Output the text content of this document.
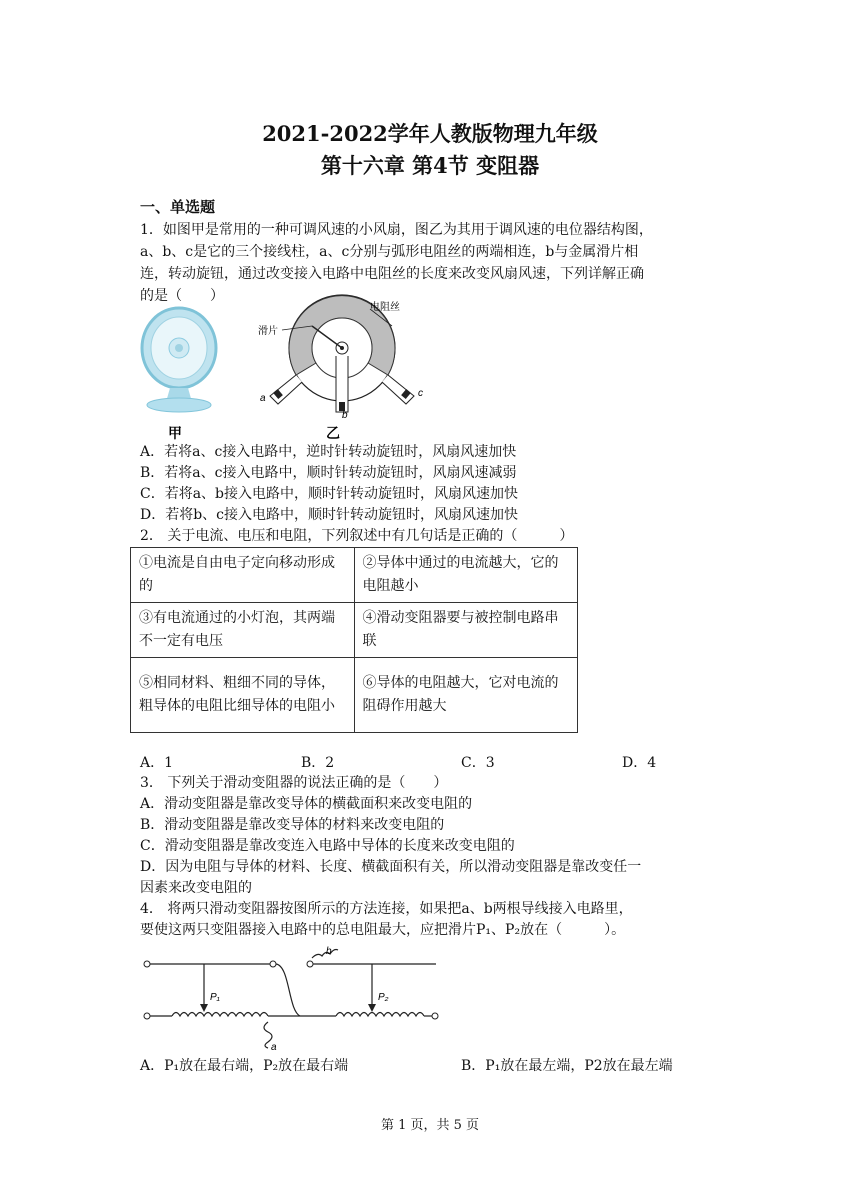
2021-2022学年人教版物理九年级
第十六章 第4节 变阻器
一、单选题
1．如图甲是常用的一种可调风速的小风扇，图乙为其用于调风速的电位器结构图，
a、b、c是它的三个接线柱，a、c分别与弧形电阻丝的两端相连，b与金属滑片相
连，转动旋钮，通过改变接入电路中电阻丝的长度来改变风扇风速，下列详解正确
的是（　　）
甲
滑片
电阻丝
a
b
c
乙
A．若将a、c接入电路中，逆时针转动旋钮时，风扇风速加快
B．若将a、c接入电路中，顺时针转动旋钮时，风扇风速减弱
C．若将a、b接入电路中，顺时针转动旋钮时，风扇风速加快
D．若将b、c接入电路中，顺时针转动旋钮时，风扇风速加快
2． 关于电流、电压和电阻，下列叙述中有几句话是正确的（　　　）
①电流是自由电子定向移动形成的	②导体中通过的电流越大，它的电阻越小
③有电流通过的小灯泡，其两端不一定有电压	④滑动变阻器要与被控制电路串联
⑤相同材料、粗细不同的导体，粗导体的电阻比细导体的电阻小	⑥导体的电阻越大，它对电流的阻碍作用越大
A．1	B．2	C．3	D．4
3． 下列关于滑动变阻器的说法正确的是（　　）
A．滑动变阻器是靠改变导体的横截面积来改变电阻的
B．滑动变阻器是靠改变导体的材料来改变电阻的
C．滑动变阻器是靠改变连入电路中导体的长度来改变电阻的
D．因为电阻与导体的材料、长度、横截面积有关，所以滑动变阻器是靠改变任一
因素来改变电阻的
4． 将两只滑动变阻器按图所示的方法连接，如果把a、b两根导线接入电路里，
要使这两只变阻器接入电路中的总电阻最大，应把滑片P₁、P₂放在（　　　）。
P₁	P₂
a
b
A．P₁放在最右端，P₂放在最右端	B．P₁放在最左端，P2放在最左端
第 1 页，共 5 页
